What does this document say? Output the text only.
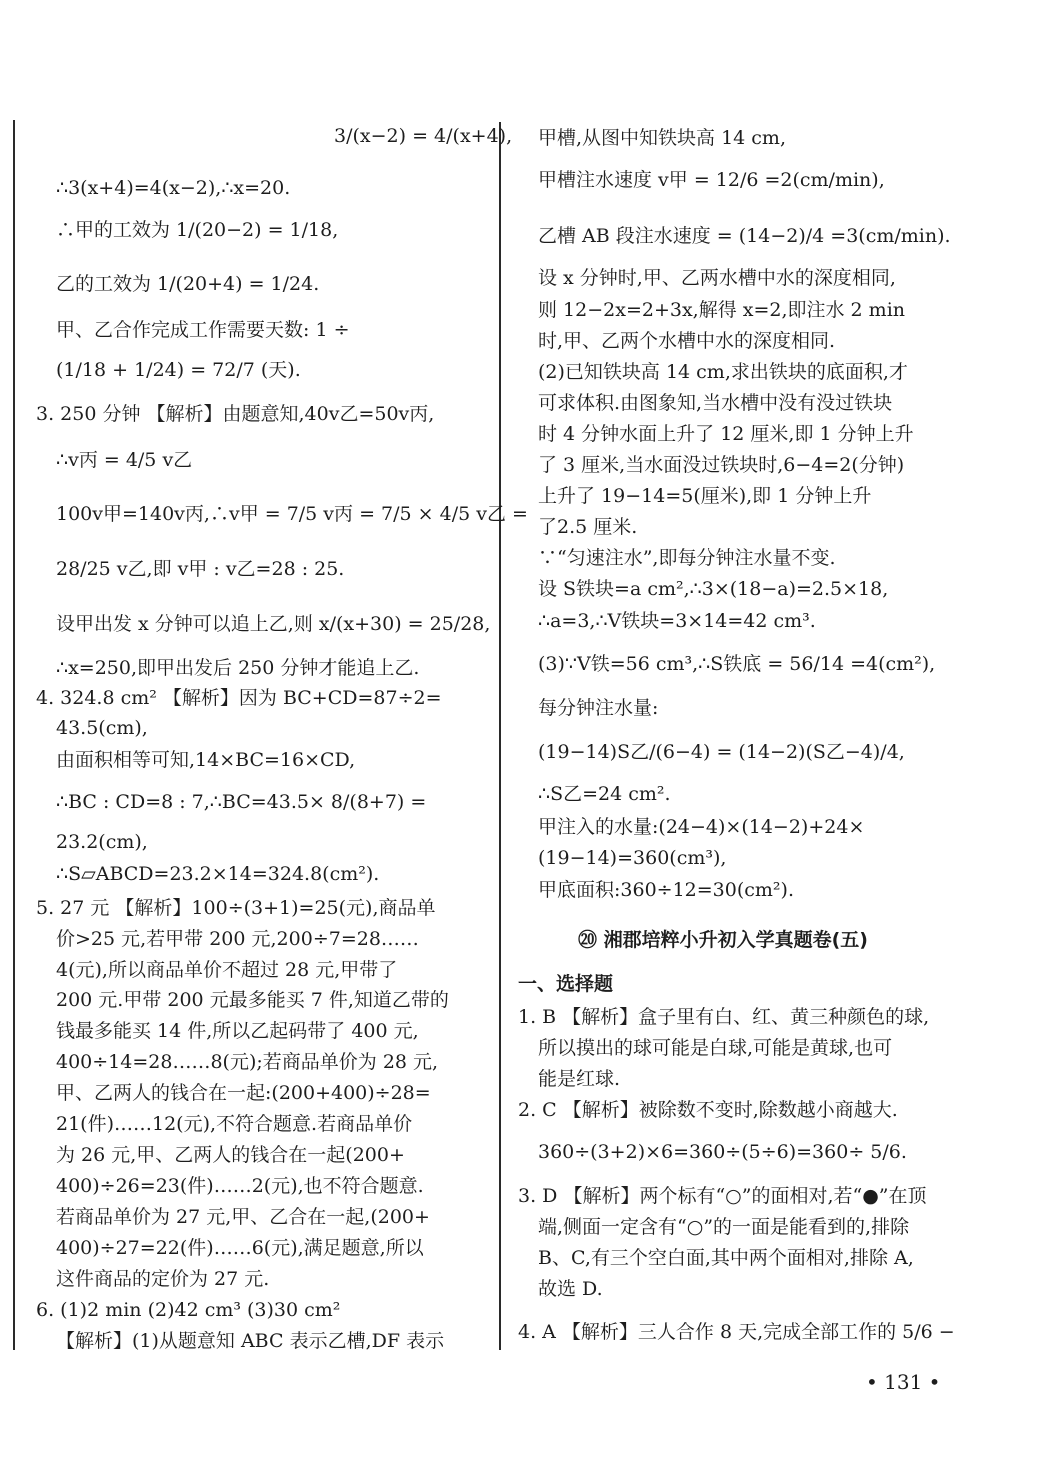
3/(x−2) = 4/(x+4),
∴3(x+4)=4(x−2),∴x=20.
∴甲的工效为 1/(20−2) = 1/18,
乙的工效为 1/(20+4) = 1/24.
甲、乙合作完成工作需要天数: 1 ÷
(1/18 + 1/24) = 72/7 (天).
3. 250 分钟 【解析】由题意知,40v乙=50v丙,
∴v丙 = 4/5 v乙
100v甲=140v丙,∴v甲 = 7/5 v丙 = 7/5 × 4/5 v乙 =
28/25 v乙,即 v甲 : v乙=28 : 25.
设甲出发 x 分钟可以追上乙,则 x/(x+30) = 25/28,
∴x=250,即甲出发后 250 分钟才能追上乙.
4. 324.8 cm² 【解析】因为 BC+CD=87÷2=
43.5(cm),
由面积相等可知,14×BC=16×CD,
∴BC : CD=8 : 7,∴BC=43.5× 8/(8+7) =
23.2(cm),
∴S▱ABCD=23.2×14=324.8(cm²).
5. 27 元 【解析】100÷(3+1)=25(元),商品单
价>25 元,若甲带 200 元,200÷7=28……
4(元),所以商品单价不超过 28 元,甲带了
200 元.甲带 200 元最多能买 7 件,知道乙带的
钱最多能买 14 件,所以乙起码带了 400 元,
400÷14=28……8(元);若商品单价为 28 元,
甲、乙两人的钱合在一起:(200+400)÷28=
21(件)……12(元),不符合题意.若商品单价
为 26 元,甲、乙两人的钱合在一起(200+
400)÷26=23(件)……2(元),也不符合题意.
若商品单价为 27 元,甲、乙合在一起,(200+
400)÷27=22(件)……6(元),满足题意,所以
这件商品的定价为 27 元.
6. (1)2 min (2)42 cm³ (3)30 cm²
【解析】(1)从题意知 ABC 表示乙槽,DF 表示
甲槽,从图中知铁块高 14 cm,
甲槽注水速度 v甲 = 12/6 =2(cm/min),
乙槽 AB 段注水速度 = (14−2)/4 =3(cm/min).
设 x 分钟时,甲、乙两水槽中水的深度相同,
则 12−2x=2+3x,解得 x=2,即注水 2 min
时,甲、乙两个水槽中水的深度相同.
(2)已知铁块高 14 cm,求出铁块的底面积,才
可求体积.由图象知,当水槽中没有没过铁块
时 4 分钟水面上升了 12 厘米,即 1 分钟上升
了 3 厘米,当水面没过铁块时,6−4=2(分钟)
上升了 19−14=5(厘米),即 1 分钟上升
了2.5 厘米.
∵“匀速注水”,即每分钟注水量不变.
设 S铁块=a cm²,∴3×(18−a)=2.5×18,
∴a=3,∴V铁块=3×14=42 cm³.
(3)∵V铁=56 cm³,∴S铁底 = 56/14 =4(cm²),
每分钟注水量:
(19−14)S乙/(6−4) = (14−2)(S乙−4)/4,
∴S乙=24 cm².
甲注入的水量:(24−4)×(14−2)+24×
(19−14)=360(cm³),
甲底面积:360÷12=30(cm²).
⑳ 湘郡培粹小升初入学真题卷(五)
一、选择题
1. B 【解析】盒子里有白、红、黄三种颜色的球,
所以摸出的球可能是白球,可能是黄球,也可
能是红球.
2. C 【解析】被除数不变时,除数越小商越大.
360÷(3+2)×6=360÷(5÷6)=360÷ 5/6.
3. D 【解析】两个标有“○”的面相对,若“●”在顶
端,侧面一定含有“○”的一面是能看到的,排除
B、C,有三个空白面,其中两个面相对,排除 A,
故选 D.
4. A 【解析】三人合作 8 天,完成全部工作的 5/6 −
• 131 •
